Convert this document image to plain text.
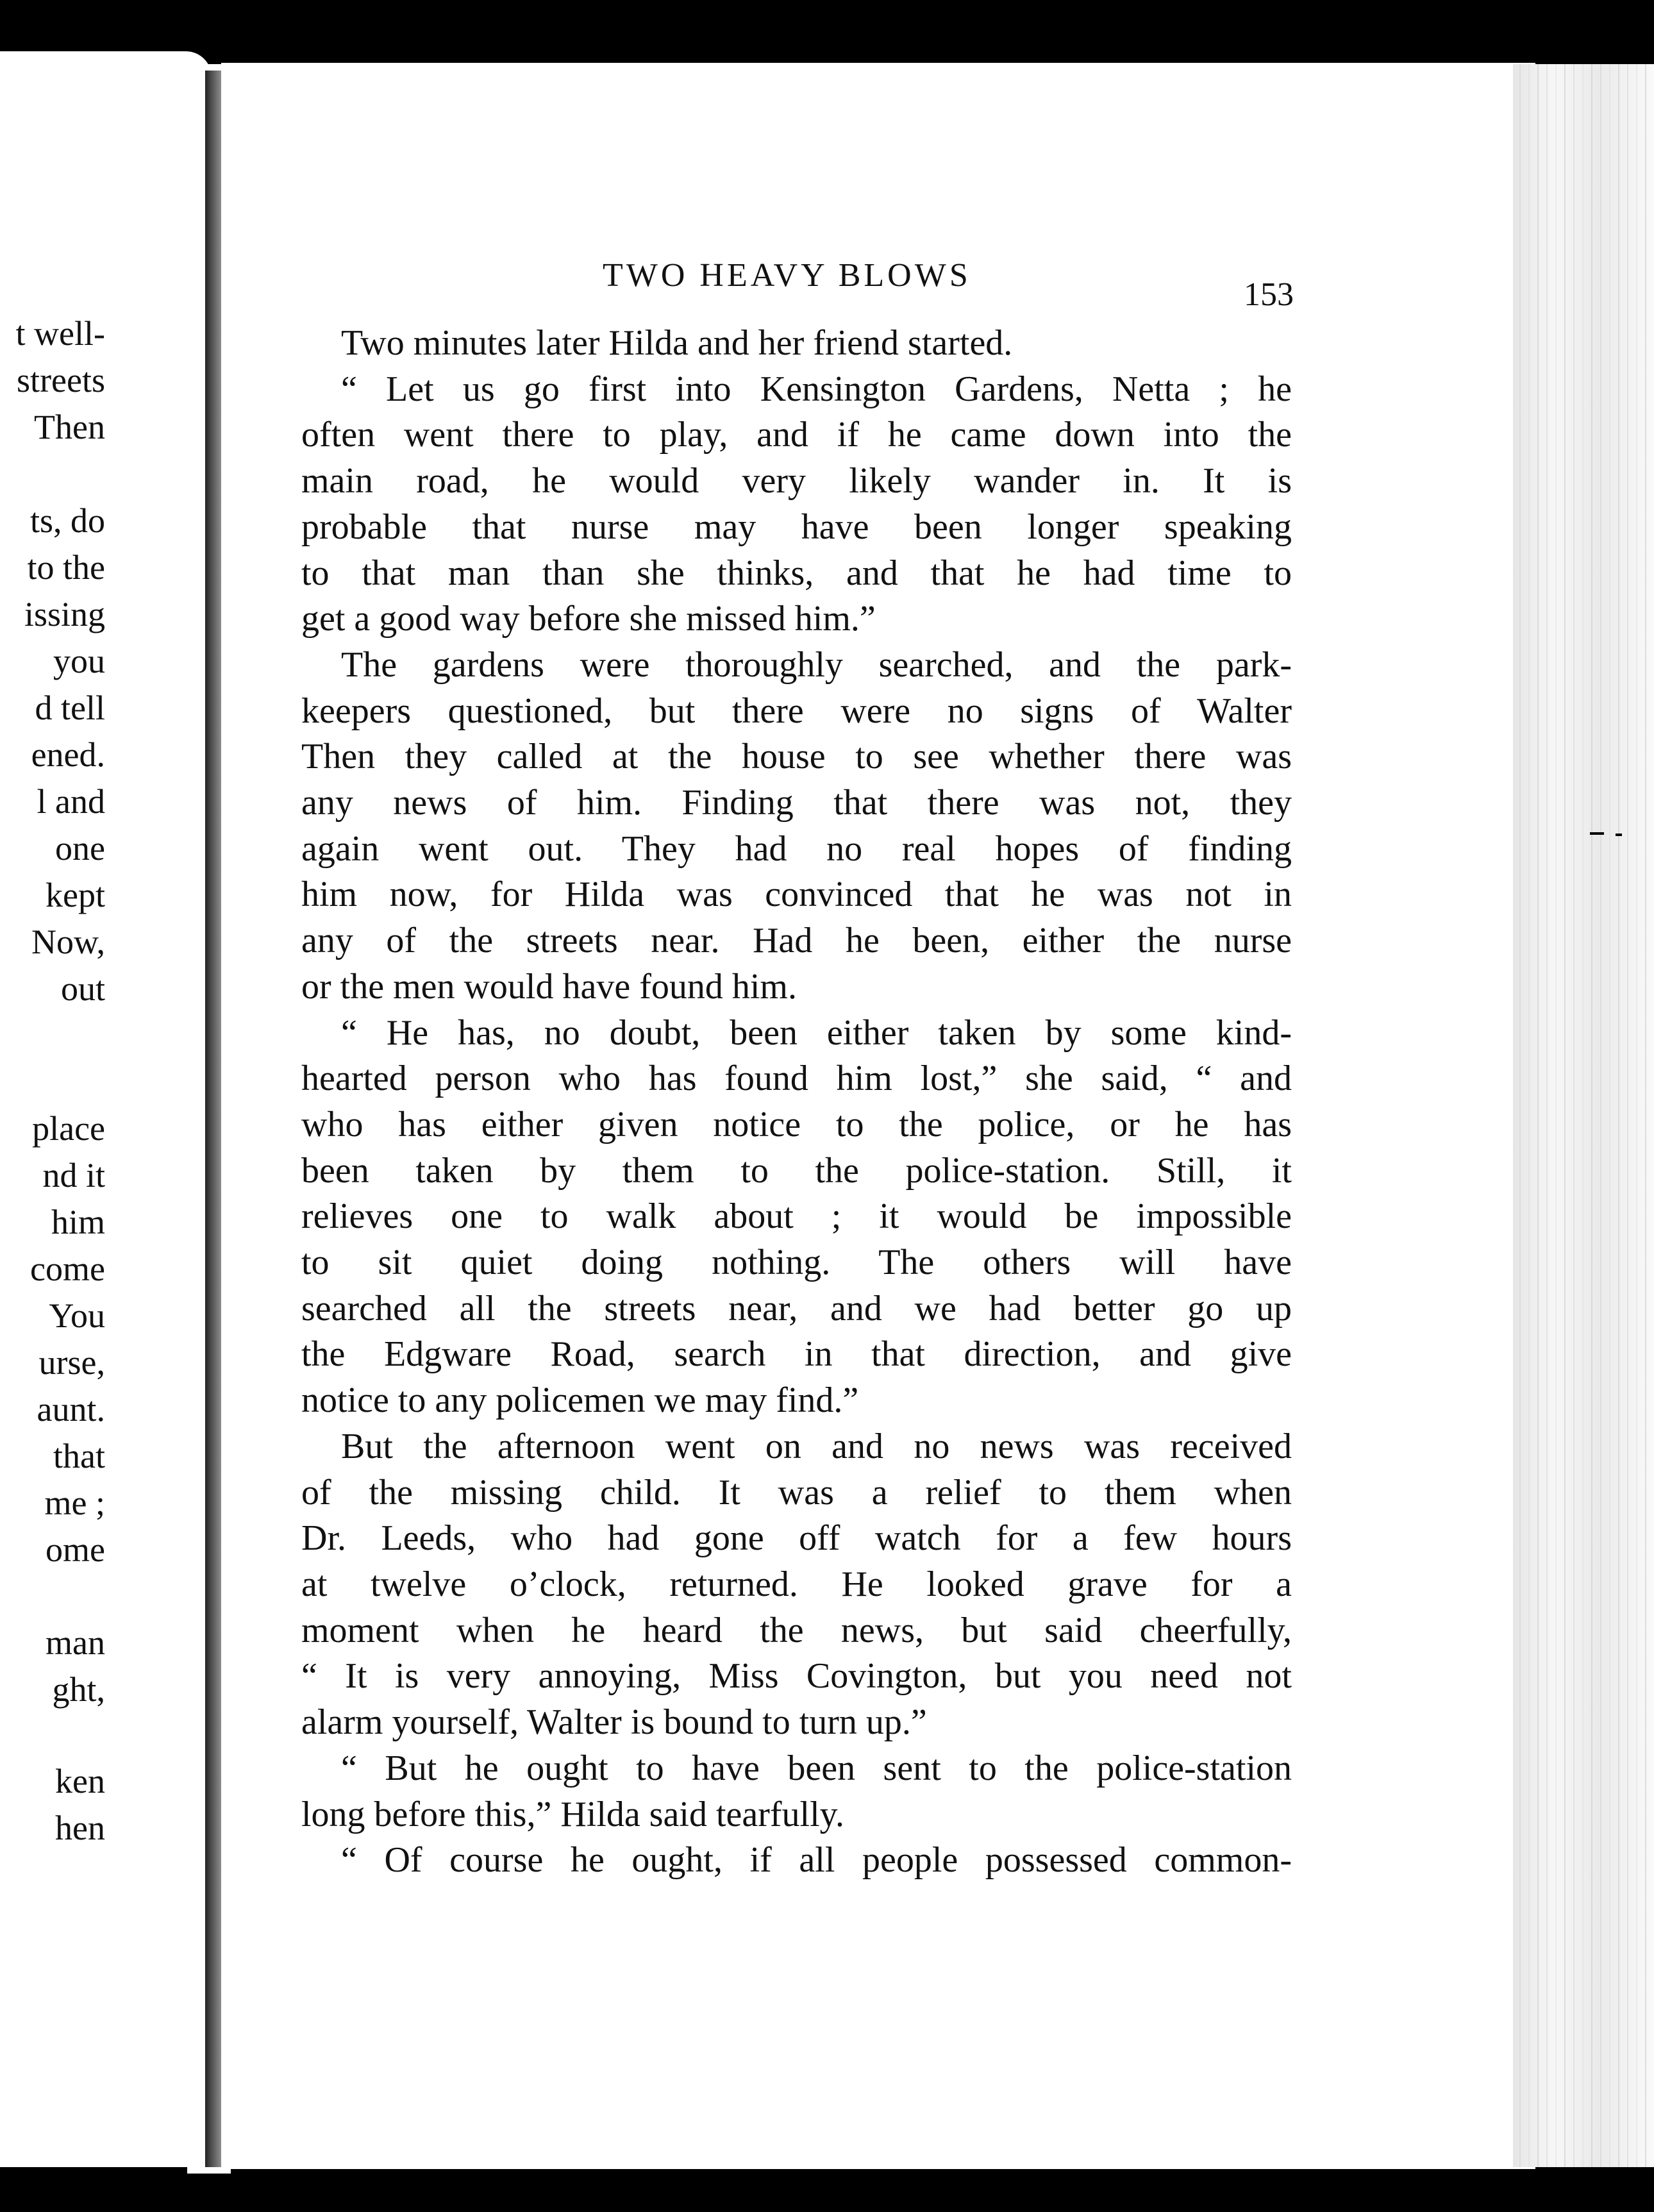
t well-
streets
Then
ts, do
to the
issing
you
d tell
ened.
l and
one
kept
Now,
out
place
nd it
him
come
You
urse,
aunt.
that
me ;
ome
man
ght,
ken
hen
TWO HEAVY BLOWS
153
Two minutes later Hilda and her friend started.
“ Let us go first into Kensington Gardens, Netta ; he
often went there to play, and if he came down into the
main road, he would very likely wander in. It is
probable that nurse may have been longer speaking
to that man than she thinks, and that he had time to
get a good way before she missed him.”
The gardens were thoroughly searched, and the park-
keepers questioned, but there were no signs of Walter
Then they called at the house to see whether there was
any news of him. Finding that there was not, they
again went out. They had no real hopes of finding
him now, for Hilda was convinced that he was not in
any of the streets near. Had he been, either the nurse
or the men would have found him.
“ He has, no doubt, been either taken by some kind-
hearted person who has found him lost,” she said, “ and
who has either given notice to the police, or he has
been taken by them to the police-station. Still, it
relieves one to walk about ; it would be impossible
to sit quiet doing nothing. The others will have
searched all the streets near, and we had better go up
the Edgware Road, search in that direction, and give
notice to any policemen we may find.”
But the afternoon went on and no news was received
of the missing child. It was a relief to them when
Dr. Leeds, who had gone off watch for a few hours
at twelve o’clock, returned. He looked grave for a
moment when he heard the news, but said cheerfully,
“ It is very annoying, Miss Covington, but you need not
alarm yourself, Walter is bound to turn up.”
“ But he ought to have been sent to the police-station
long before this,” Hilda said tearfully.
“ Of course he ought, if all people possessed common-
